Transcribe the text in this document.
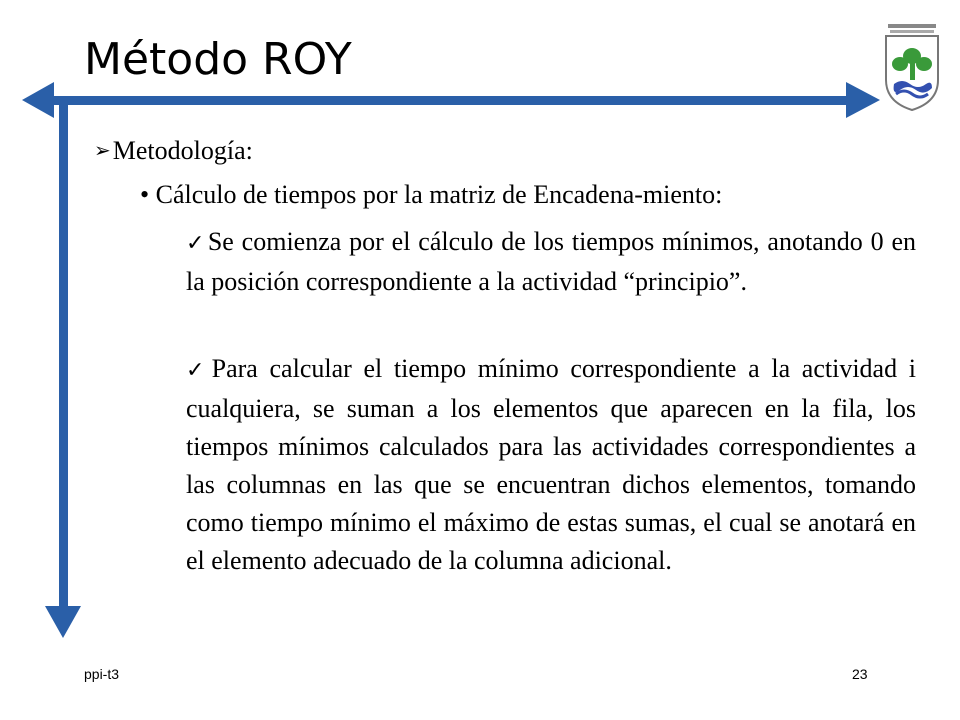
Método ROY
➢Metodología:
• Cálculo de tiempos por la matriz de Encadena-miento:
✓Se comienza por el cálculo de los tiempos mínimos, anotando 0 en la posición correspondiente a la actividad “principio”.
✓Para calcular el tiempo mínimo correspondiente a la actividad i cualquiera, se suman a los elementos que aparecen en la fila, los tiempos mínimos calculados para las actividades correspondientes a las columnas en las que se encuentran dichos elementos, tomando como tiempo mínimo el máximo de estas sumas, el cual se anotará en el elemento adecuado de la columna adicional.
ppi-t3	23
